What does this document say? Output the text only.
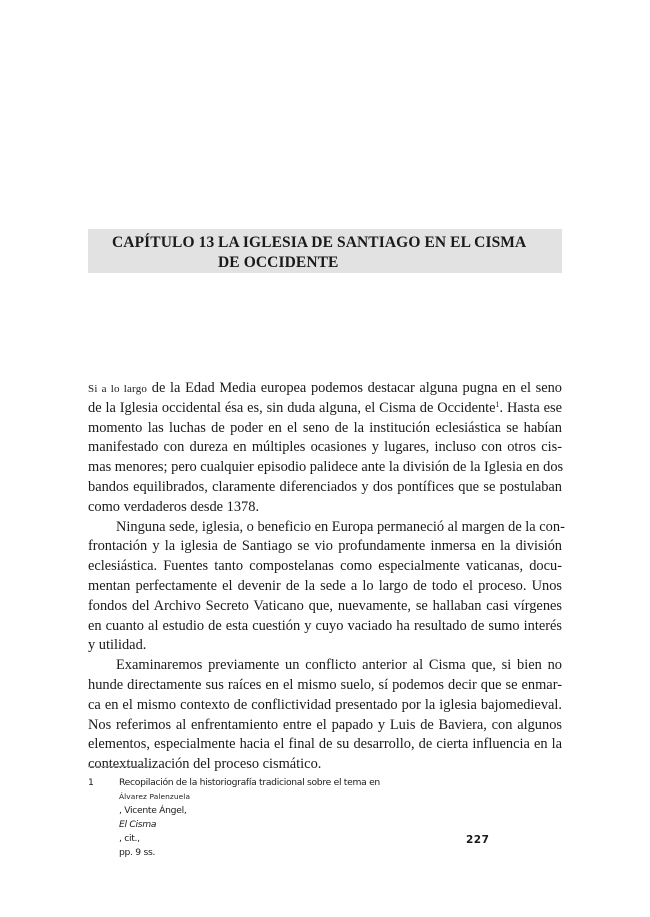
CAPÍTULO 13 LA IGLESIA DE SANTIAGO EN EL CISMA
DE OCCIDENTE
Si a lo largo de la Edad Media europea podemos destacar alguna pugna en el seno
de la Iglesia occidental ésa es, sin duda alguna, el Cisma de Occidente$^1$. Hasta ese
momento las luchas de poder en el seno de la institución eclesiástica se habían
manifestado con dureza en múltiples ocasiones y lugares, incluso con otros cis-
mas menores; pero cualquier episodio palidece ante la división de la Iglesia en dos
bandos equilibrados, claramente diferenciados y dos pontífices que se postulaban
como verdaderos desde 1378.
Ninguna sede, iglesia, o beneficio en Europa permaneció al margen de la con-
frontación y la iglesia de Santiago se vio profundamente inmersa en la división
eclesiástica. Fuentes tanto compostelanas como especialmente vaticanas, docu-
mentan perfectamente el devenir de la sede a lo largo de todo el proceso. Unos
fondos del Archivo Secreto Vaticano que, nuevamente, se hallaban casi vírgenes
en cuanto al estudio de esta cuestión y cuyo vaciado ha resultado de sumo interés
y utilidad.
Examinaremos previamente un conflicto anterior al Cisma que, si bien no
hunde directamente sus raíces en el mismo suelo, sí podemos decir que se enmar-
ca en el mismo contexto de conflictividad presentado por la iglesia bajomedieval.
Nos referimos al enfrentamiento entre el papado y Luis de Baviera, con algunos
elementos, especialmente hacia el final de su desarrollo, de cierta influencia en la
contextualización del proceso cismático.
1	Recopilación de la historiografía tradicional sobre el tema en
Álvarez Palenzuela
, Vicente Ángel,
El Cisma
, cit.,
pp. 9 ss.
227
